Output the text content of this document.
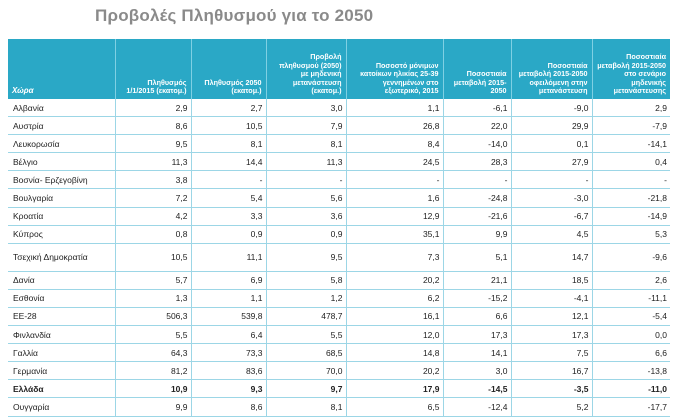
Προβολές Πληθυσμού για το 2050
Χώρα	Πληθυσμός 1/1/2015 (εκατομ.)	Πληθυσμός 2050 (εκατομ.)	Προβολή πληθυσμού (2050) με μηδενική μετανάστευση (εκατομ.)	Ποσοστό μόνιμων κατοίκων ηλικίας 25-39 γεννημένων στο εξωτερικό, 2015	Ποσοστιαία μεταβολή 2015-2050	Ποσοστιαία μεταβολή 2015-2050 οφειλόμενη στην μετανάστευση	Ποσοστιαία μεταβολή 2015-2050 στο σενάριο μηδενικής μετανάστευσης
Αλβανία	2,9	2,7	3,0	1,1	-6,1	-9,0	2,9
Αυστρία	8,6	10,5	7,9	26,8	22,0	29,9	-7,9
Λευκορωσία	9,5	8,1	8,1	8,4	-14,0	0,1	-14,1
Βέλγιο	11,3	14,4	11,3	24,5	28,3	27,9	0,4
Βοσνία- Ερζεγοβίνη	3,8	-	-	-	-	-	-
Βουλγαρία	7,2	5,4	5,6	1,6	-24,8	-3,0	-21,8
Κροατία	4,2	3,3	3,6	12,9	-21,6	-6,7	-14,9
Κύπρος	0,8	0,9	0,9	35,1	9,9	4,5	5,3
Τσεχική Δημοκρατία	10,5	11,1	9,5	7,3	5,1	14,7	-9,6
Δανία	5,7	6,9	5,8	20,2	21,1	18,5	2,6
Εσθονία	1,3	1,1	1,2	6,2	-15,2	-4,1	-11,1
ΕΕ-28	506,3	539,8	478,7	16,1	6,6	12,1	-5,4
Φινλανδία	5,5	6,4	5,5	12,0	17,3	17,3	0,0
Γαλλία	64,3	73,3	68,5	14,8	14,1	7,5	6,6
Γερμανία	81,2	83,6	70,0	20,2	3,0	16,7	-13,8
Ελλάδα	10,9	9,3	9,7	17,9	-14,5	-3,5	-11,0
Ουγγαρία	9,9	8,6	8,1	6,5	-12,4	5,2	-17,7
